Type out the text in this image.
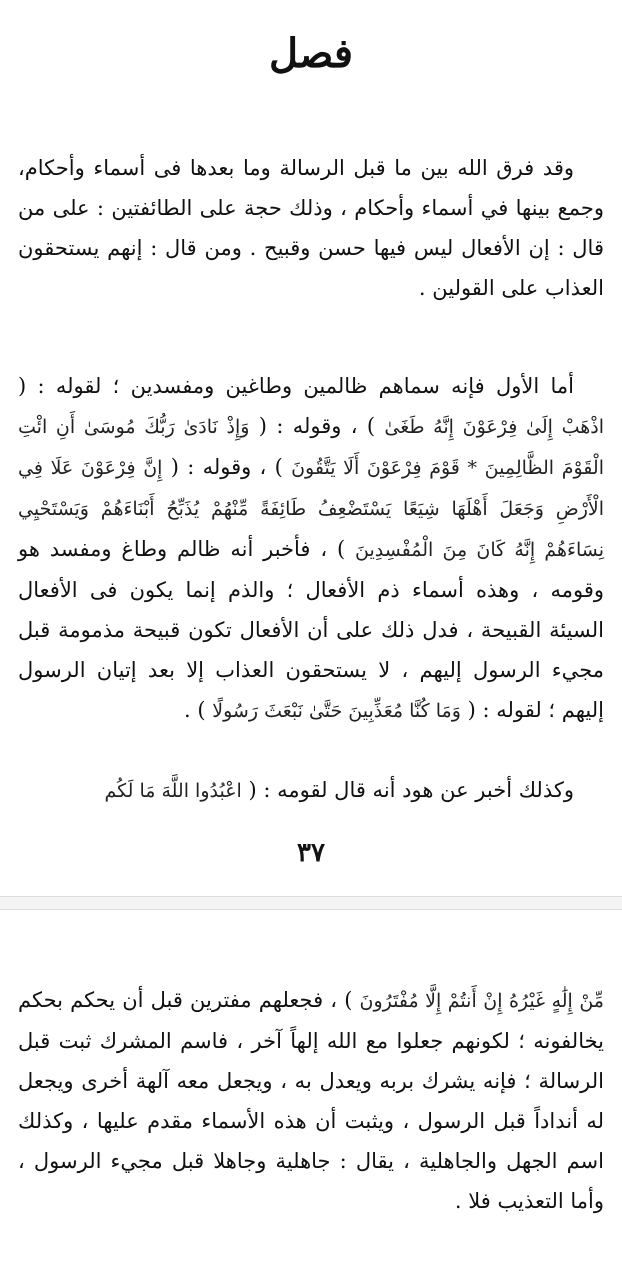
فصل
وقد فرق الله بين ما قبل الرسالة وما بعدها فى أسماء وأحكام، وجمع بينها في أسماء وأحكام ، وذلك حجة على الطائفتين : على من قال : إن الأفعال ليس فيها حسن وقبيح . ومن قال : إنهم يستحقون العذاب على القولين .
أما الأول فإنه سماهم ظالمين وطاغين ومفسدين ؛ لقوله : ( اذْهَبْ إِلَىٰ فِرْعَوْنَ إِنَّهُ طَغَىٰ ) ، وقوله : ( وَإِذْ نَادَىٰ رَبُّكَ مُوسَىٰ أَنِ ائْتِ الْقَوْمَ الظَّالِمِينَ * قَوْمَ فِرْعَوْنَ أَلَا يَتَّقُونَ ) ، وقوله : ( إِنَّ فِرْعَوْنَ عَلَا فِي الْأَرْضِ وَجَعَلَ أَهْلَهَا شِيَعًا يَسْتَضْعِفُ طَائِفَةً مِّنْهُمْ يُذَبِّحُ أَبْنَاءَهُمْ وَيَسْتَحْيِي نِسَاءَهُمْ إِنَّهُ كَانَ مِنَ الْمُفْسِدِينَ ) ، فأخبر أنه ظالم وطاغ ومفسد هو وقومه ، وهذه أسماء ذم الأفعال ؛ والذم إنما يكون فى الأفعال السيئة القبيحة ، فدل ذلك على أن الأفعال تكون قبيحة مذمومة قبل مجيء الرسول إليهم ، لا يستحقون العذاب إلا بعد إتيان الرسول إليهم ؛ لقوله : ( وَمَا كُنَّا مُعَذِّبِينَ حَتَّىٰ نَبْعَثَ رَسُولًا ) .
وكذلك أخبر عن هود أنه قال لقومه : ( اعْبُدُوا اللَّهَ مَا لَكُم
٣٧
مِّنْ إِلَٰهٍ غَيْرُهُ إِنْ أَنتُمْ إِلَّا مُفْتَرُونَ ) ، فجعلهم مفترين قبل أن يحكم بحكم يخالفونه ؛ لكونهم جعلوا مع الله إلهاً آخر ، فاسم المشرك ثبت قبل الرسالة ؛ فإنه يشرك بربه ويعدل به ، ويجعل معه آلهة أخرى ويجعل له أنداداً قبل الرسول ، ويثبت أن هذه الأسماء مقدم عليها ، وكذلك اسم الجهل والجاهلية ، يقال : جاهلية وجاهلا قبل مجيء الرسول ، وأما التعذيب فلا .
